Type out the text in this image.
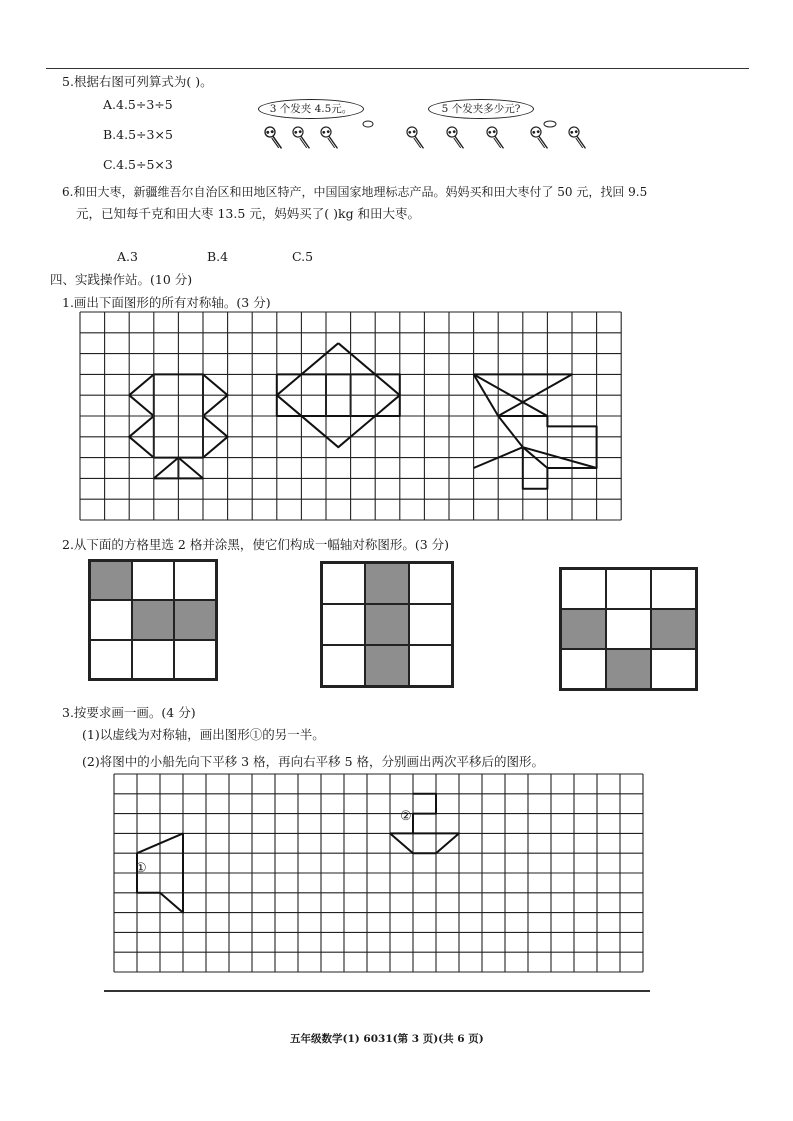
5.根据右图可列算式为( )。
A.4.5÷3÷5
B.4.5÷3×5
C.4.5÷5×3
3 个发夹 4.5元。	5 个发夹多少元?
6.和田大枣，新疆维吾尔自治区和田地区特产，中国国家地理标志产品。妈妈买和田大枣付了 50 元，找回 9.5
元，已知每千克和田大枣 13.5 元，妈妈买了( )kg 和田大枣。
A.3	B.4	C.5
四、实践操作站。(10 分)
1.画出下面图形的所有对称轴。(3 分)
2.从下面的方格里选 2 格并涂黑，使它们构成一幅轴对称图形。(3 分)
3.按要求画一画。(4 分)
(1)以虚线为对称轴，画出图形①的另一半。
(2)将图中的小船先向下平移 3 格，再向右平移 5 格，分别画出两次平移后的图形。
①
②
五年级数学(1) 6031(第 3 页)(共 6 页)
